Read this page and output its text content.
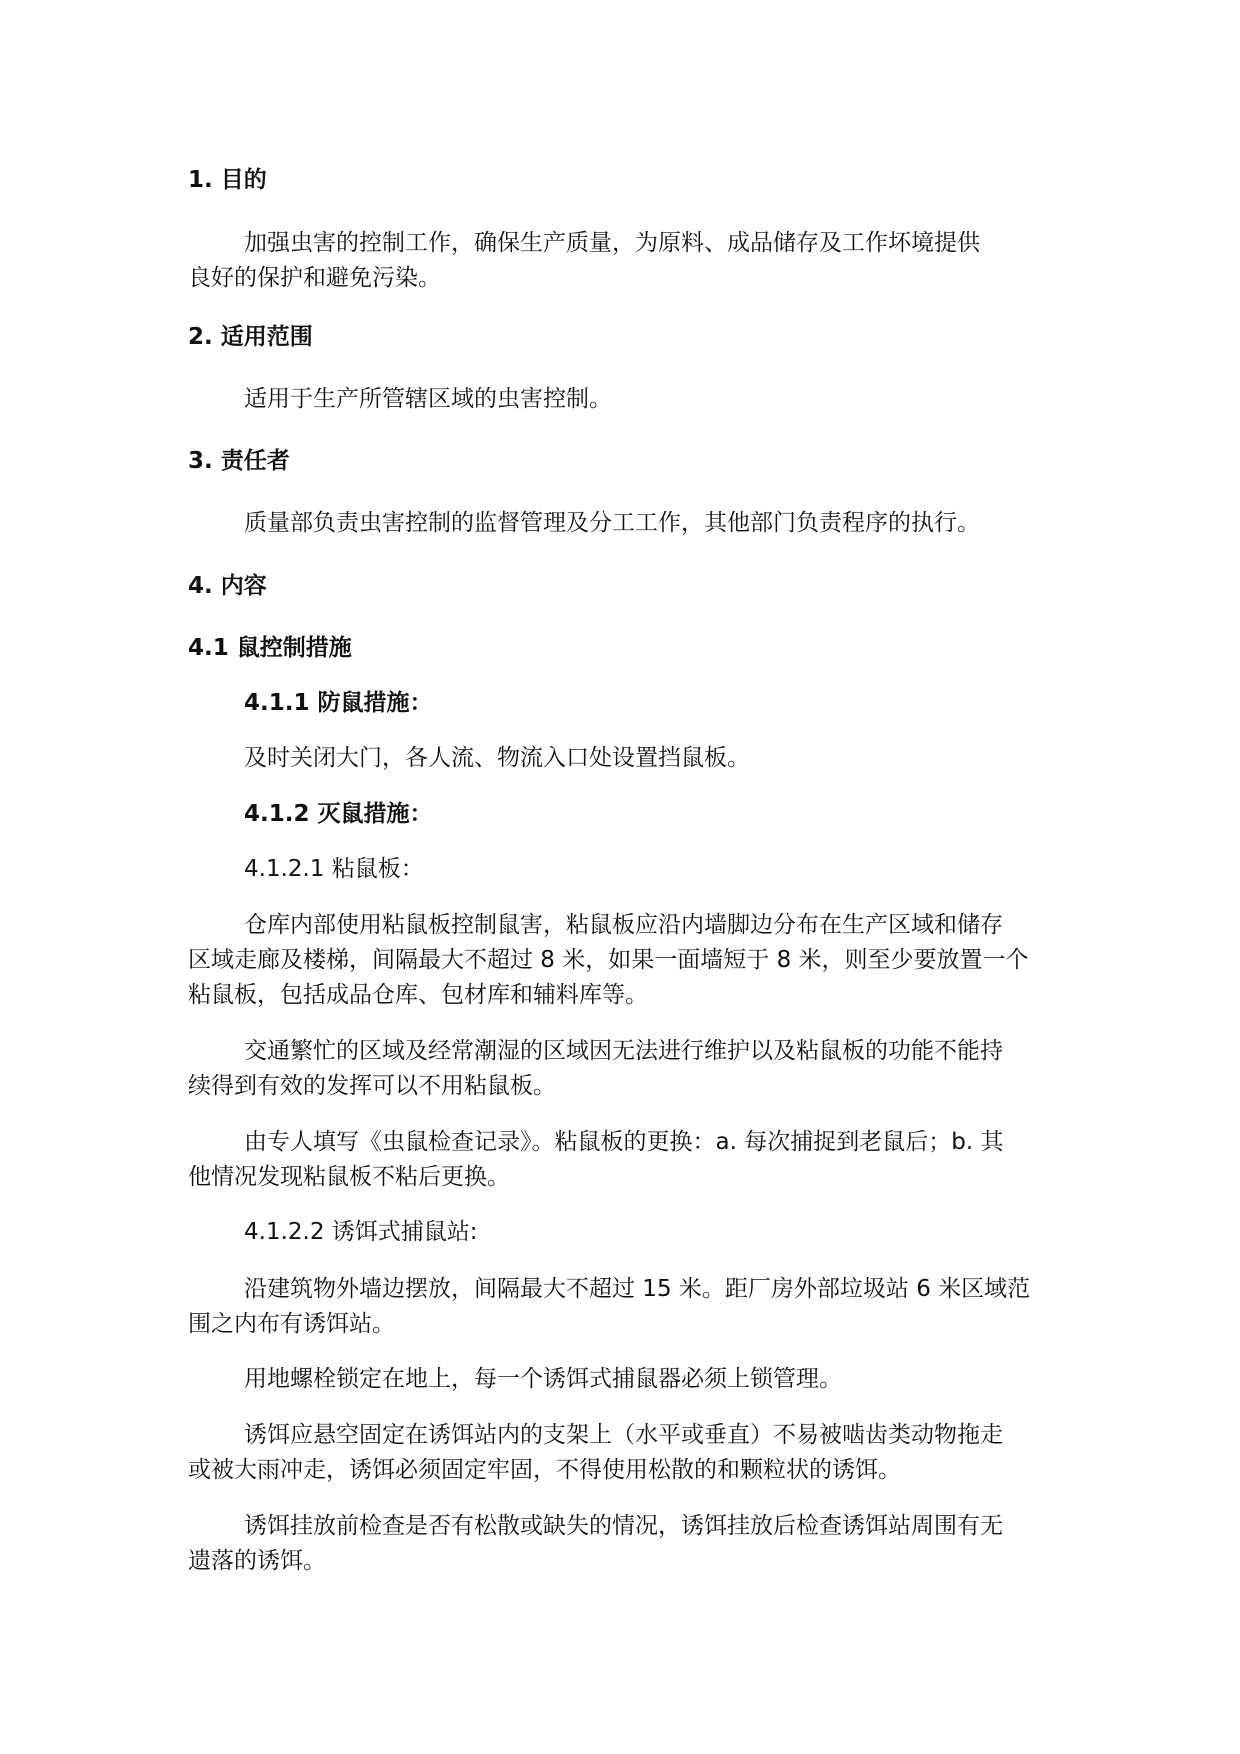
1. 目的
加强虫害的控制工作，确保生产质量，为原料、成品储存及工作坏境提供
良好的保护和避免污染。
2. 适用范围
适用于生产所管辖区域的虫害控制。
3. 责任者
质量部负责虫害控制的监督管理及分工工作，其他部门负责程序的执行。
4. 内容
4.1 鼠控制措施
4.1.1 防鼠措施：
及时关闭大门，各人流、物流入口处设置挡鼠板。
4.1.2 灭鼠措施：
4.1.2.1 粘鼠板：
仓库内部使用粘鼠板控制鼠害，粘鼠板应沿内墙脚边分布在生产区域和储存
区域走廊及楼梯，间隔最大不超过 8 米，如果一面墙短于 8 米，则至少要放置一个
粘鼠板，包括成品仓库、包材库和辅料库等。
交通繁忙的区域及经常潮湿的区域因无法进行维护以及粘鼠板的功能不能持
续得到有效的发挥可以不用粘鼠板。
由专人填写《虫鼠检查记录》。粘鼠板的更换：a. 每次捕捉到老鼠后；b. 其
他情况发现粘鼠板不粘后更换。
4.1.2.2 诱饵式捕鼠站:
沿建筑物外墙边摆放，间隔最大不超过 15 米。距厂房外部垃圾站 6 米区域范
围之内布有诱饵站。
用地螺栓锁定在地上，每一个诱饵式捕鼠器必须上锁管理。
诱饵应悬空固定在诱饵站内的支架上（水平或垂直）不易被啮齿类动物拖走
或被大雨冲走，诱饵必须固定牢固，不得使用松散的和颗粒状的诱饵。
诱饵挂放前检查是否有松散或缺失的情况，诱饵挂放后检查诱饵站周围有无
遗落的诱饵。
